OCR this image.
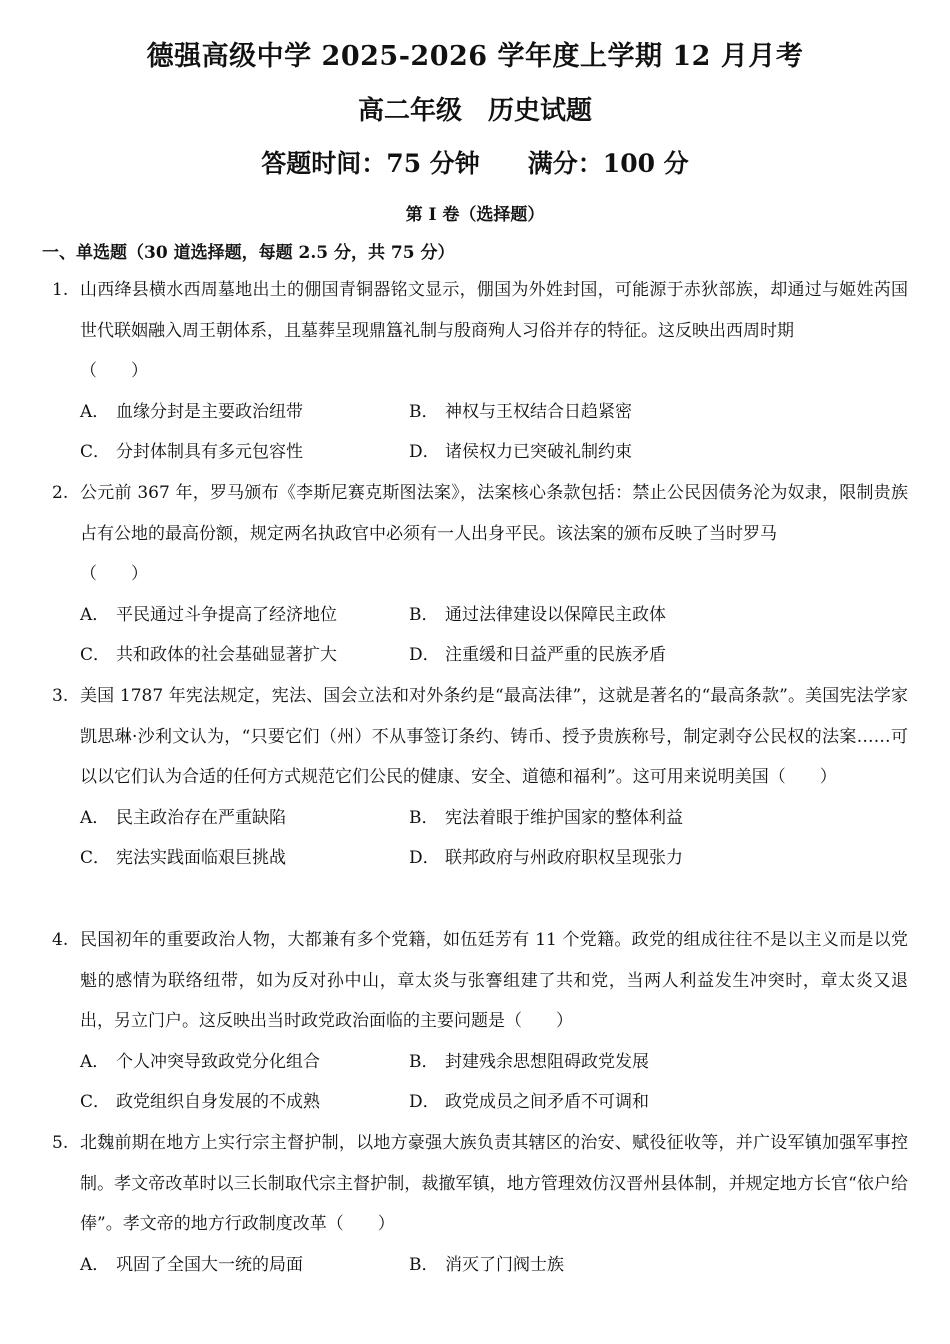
德强高级中学 2025-2026 学年度上学期 12 月月考
高二年级 历史试题
答题时间：75 分钟 满分：100 分
第 I 卷（选择题）
一、单选题（30 道选择题，每题 2.5 分，共 75 分）
1. 山西绛县横水西周墓地出土的倗国青铜器铭文显示，倗国为外姓封国，可能源于赤狄部族，却通过与姬姓芮国世代联姻融入周王朝体系，且墓葬呈现鼎簋礼制与殷商殉人习俗并存的特征。这反映出西周时期
（　　）
A． 血缘分封是主要政治纽带	B． 神权与王权结合日趋紧密
C． 分封体制具有多元包容性	D． 诸侯权力已突破礼制约束
2. 公元前 367 年，罗马颁布《李斯尼赛克斯图法案》，法案核心条款包括：禁止公民因债务沦为奴隶，限制贵族占有公地的最高份额，规定两名执政官中必须有一人出身平民。该法案的颁布反映了当时罗马
（　　）
A． 平民通过斗争提高了经济地位	B． 通过法律建设以保障民主政体
C． 共和政体的社会基础显著扩大	D． 注重缓和日益严重的民族矛盾
3. 美国 1787 年宪法规定，宪法、国会立法和对外条约是“最高法律”，这就是著名的“最高条款”。美国宪法学家凯思琳·沙利文认为，“只要它们（州）不从事签订条约、铸币、授予贵族称号，制定剥夺公民权的法案……可以以它们认为合适的任何方式规范它们公民的健康、安全、道德和福利”。这可用来说明美国（　　）
A． 民主政治存在严重缺陷	B． 宪法着眼于维护国家的整体利益
C． 宪法实践面临艰巨挑战	D． 联邦政府与州政府职权呈现张力
4. 民国初年的重要政治人物，大都兼有多个党籍，如伍廷芳有 11 个党籍。政党的组成往往不是以主义而是以党魁的感情为联络纽带，如为反对孙中山，章太炎与张謇组建了共和党，当两人利益发生冲突时，章太炎又退出，另立门户。这反映出当时政党政治面临的主要问题是（　　）
A． 个人冲突导致政党分化组合	B． 封建残余思想阻碍政党发展
C． 政党组织自身发展的不成熟	D． 政党成员之间矛盾不可调和
5. 北魏前期在地方上实行宗主督护制，以地方豪强大族负责其辖区的治安、赋役征收等，并广设军镇加强军事控制。孝文帝改革时以三长制取代宗主督护制，裁撤军镇，地方管理效仿汉晋州县体制，并规定地方长官“依户给俸”。孝文帝的地方行政制度改革（　　）
A． 巩固了全国大一统的局面	B． 消灭了门阀士族
